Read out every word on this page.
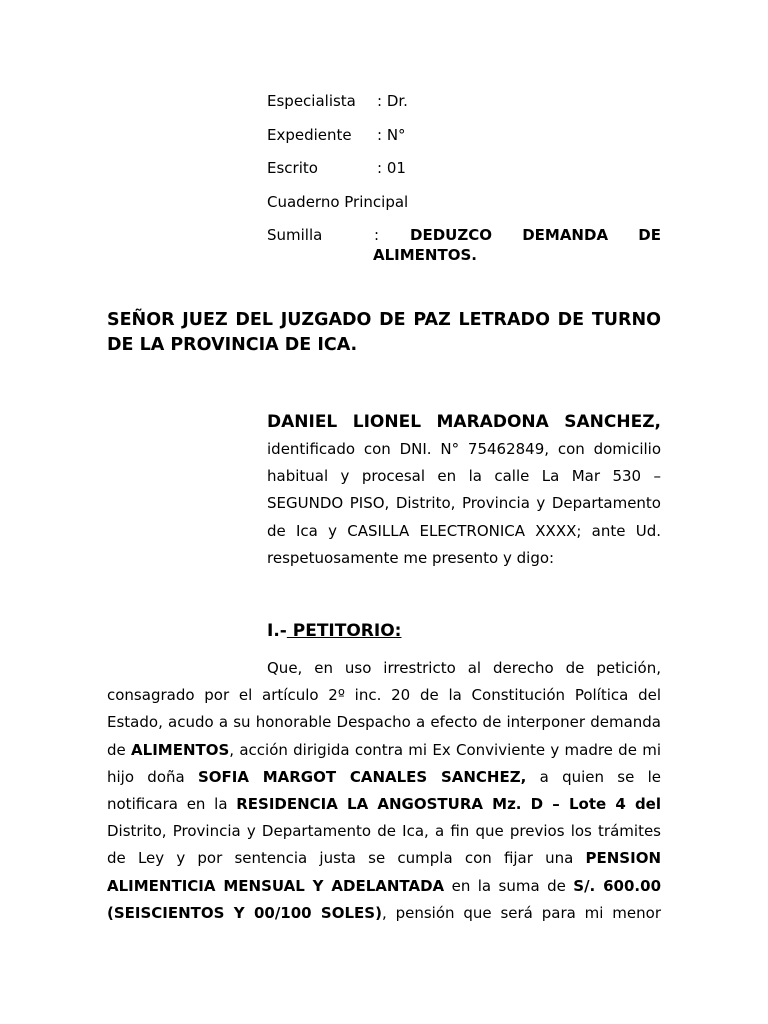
Especialista	: Dr.
Expediente	: N°
Escrito	: 01
Cuaderno Principal
Sumilla	:	DEDUZCO DEMANDA DE
ALIMENTOS.
SEÑOR JUEZ DEL JUZGADO DE PAZ LETRADO DE TURNO
DE LA PROVINCIA DE ICA.
DANIEL LIONEL MARADONA SANCHEZ,
identificado con DNI. N° 75462849, con domicilio
habitual y procesal en la calle La Mar 530 –
SEGUNDO PISO, Distrito, Provincia y Departamento
de Ica y CASILLA ELECTRONICA XXXX; ante Ud.
respetuosamente me presento y digo:
I.- PETITORIO:
Que, en uso irrestricto al derecho de petición,
consagrado por el artículo 2º inc. 20 de la Constitución Política del
Estado, acudo a su honorable Despacho a efecto de interponer demanda
de ALIMENTOS, acción dirigida contra mi Ex Conviviente y madre de mi
hijo doña SOFIA MARGOT CANALES SANCHEZ, a quien se le
notificara en la RESIDENCIA LA ANGOSTURA Mz. D – Lote 4 del
Distrito, Provincia y Departamento de Ica, a fin que previos los trámites
de Ley y por sentencia justa se cumpla con fijar una PENSION
ALIMENTICIA MENSUAL Y ADELANTADA en la suma de S/. 600.00
(SEISCIENTOS Y 00/100 SOLES), pensión que será para mi menor
